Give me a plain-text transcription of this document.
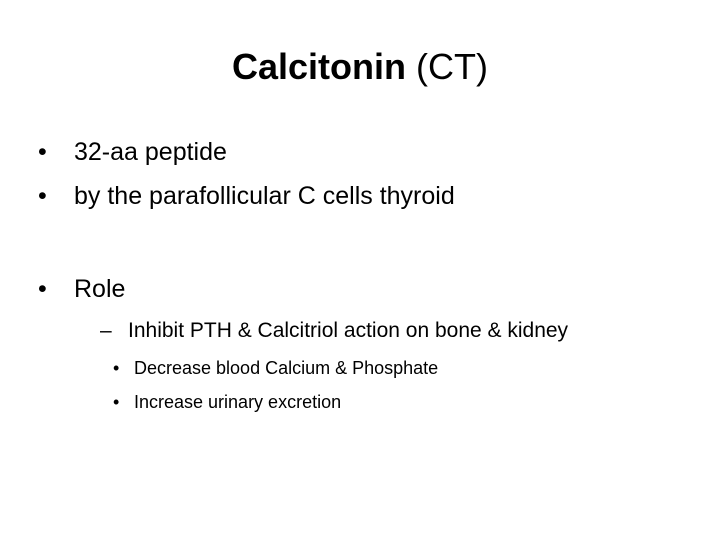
Calcitonin (CT)
• 32-aa peptide
• by the parafollicular C cells thyroid
• Role
– Inhibit PTH & Calcitriol action on bone & kidney
• Decrease blood Calcium & Phosphate
• Increase urinary excretion
